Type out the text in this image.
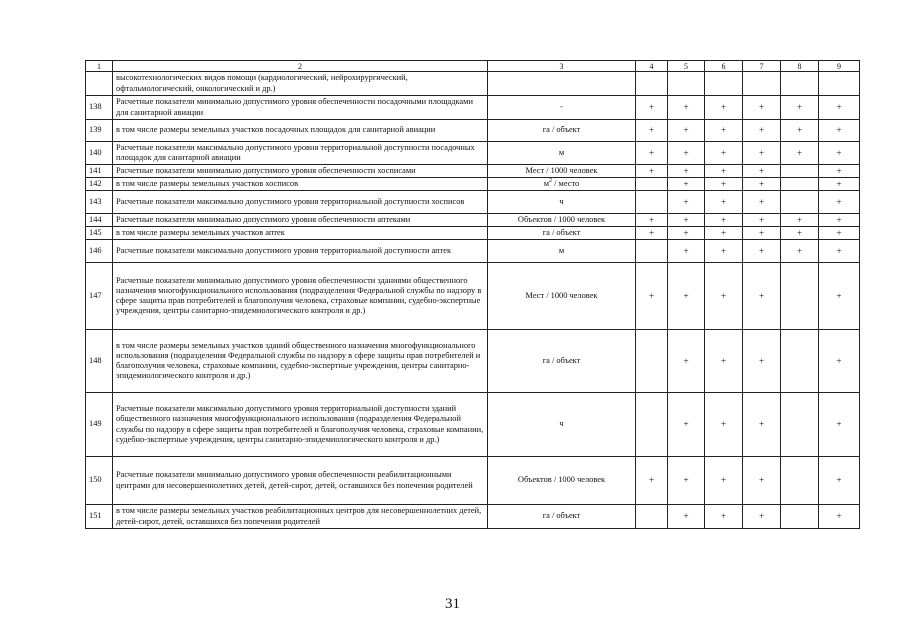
1	2	3	4	5	6	7	8	9
	высокотехнологических видов помощи (кардиологический, нейрохирургический, офтальмологический, онкологический и др.)							
138	Расчетные показатели минимально допустимого уровня обеспеченности посадочными площадками для санитарной авиации	-	+	+	+	+	+	+
139	в том числе размеры земельных участков посадочных площадок для санитарной авиации	га / объект	+	+	+	+	+	+
140	Расчетные показатели максимально допустимого уровня территориальной доступности посадочных площадок для санитарной авиации	м	+	+	+	+	+	+
141	Расчетные показатели минимально допустимого уровня обеспеченности хосписами	Мест / 1000 человек	+	+	+	+		+
142	в том числе размеры земельных участков хосписов	$м^2$ / место		+	+	+		+
143	Расчетные показатели максимально допустимого уровня территориальной доступности хосписов	ч		+	+	+		+
144	Расчетные показатели минимально допустимого уровня обеспеченности аптеками	Объектов / 1000 человек	+	+	+	+	+	+
145	в том числе размеры земельных участков аптек	га / объект	+	+	+	+	+	+
146	Расчетные показатели максимально допустимого уровня территориальной доступности аптек	м		+	+	+	+	+
147	Расчетные показатели минимально допустимого уровня обеспеченности зданиями общественного назначения многофункционального использования (подразделения Федеральной службы по надзору в сфере защиты прав потребителей и благополучия человека, страховые компании, судебно-экспертные учреждения, центры санитарно-эпидемиологического контроля и др.)	Мест / 1000 человек	+	+	+	+		+
148	в том числе размеры земельных участков зданий общественного назначения многофункционального использования (подразделения Федеральной службы по надзору в сфере защиты прав потребителей и благополучия человека, страховые компании, судебно-экспертные учреждения, центры санитарно-эпидемиологического контроля и др.)	га / объект		+	+	+		+
149	Расчетные показатели максимально допустимого уровня территориальной доступности зданий общественного назначения многофункционального использования (подразделения Федеральной службы по надзору в сфере защиты прав потребителей и благополучия человека, страховые компании, судебно-экспертные учреждения, центры санитарно-эпидемиологического контроля и др.)	ч		+	+	+		+
150	Расчетные показатели минимально допустимого уровня обеспеченности реабилитационными центрами для несовершеннолетних детей, детей-сирот, детей, оставшихся без попечения родителей	Объектов / 1000 человек	+	+	+	+		+
151	в том числе размеры земельных участков реабилитационных центров для несовершеннолетних детей, детей-сирот, детей, оставшихся без попечения родителей	га / объект		+	+	+		+
31
